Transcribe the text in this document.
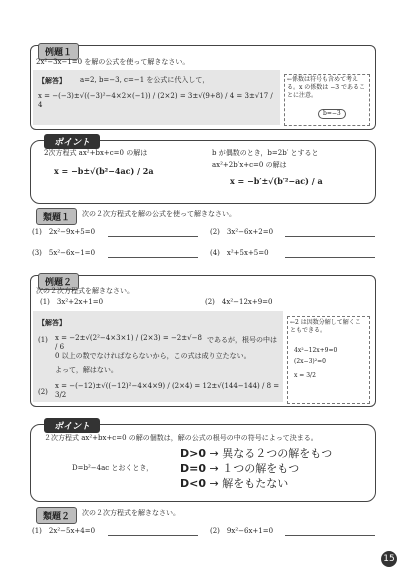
例題１
2x²−3x−1=0 を解の公式を使って解きなさい。
【解答】 a=2, b=−3, c=−1 を公式に代入して，
x = −(−3)±√((−3)²−4×2×(−1)) / (2×2) = 3±√(9+8) / 4 = 3±√17 / 4
←係数は符号も含めて考える。x の係数は −3 であることに注意。
b=−3
ポイント
2次方程式 ax²+bx+c=0 の解は
x = −b±√(b²−4ac) / 2a
b が偶数のとき，b=2b′ とすると
ax²+2b′x+c=0 の解は
x = −b′±√(b′²−ac) / a
類題１	次の２次方程式を解の公式を使って解きなさい。
(1)　 2x²−9x+5=0	(2)　 3x²−6x+2=0
(3)　 5x²−6x−1=0	(4)　 x²+5x+5=0
例題２
次の２次方程式を解きなさい。
(1)　3x²+2x+1=0	(2)　4x²−12x+9=0
【解答】
(1) x = −2±√(2²−4×3×1) / (2×3) = −2±√−8 / 6
であるが，根号の中は
0 以上の数でなければならないから，この式は成り立たない。
よって，解はない。
(2)
x = −(−12)±√((−12)²−4×4×9) / (2×4) = 12±√(144−144) / 8 = 3/2
←2 は因数分解して解くこともできる。
4x²−12x+9=0
(2x−3)²=0
x = 3/2
ポイント
２次方程式 ax²+bx+c=0 の解の個数は，解の公式の根号の中の符号によって決まる。
D=b²−4ac とおくとき，
D>0 → 異なる２つの解をもつ
D=0 → １つの解をもつ
D<0 → 解をもたない
類題２	次の２次方程式を解きなさい。
(1)　 2x²−5x+4=0	(2)　 9x²−6x+1=0
15
